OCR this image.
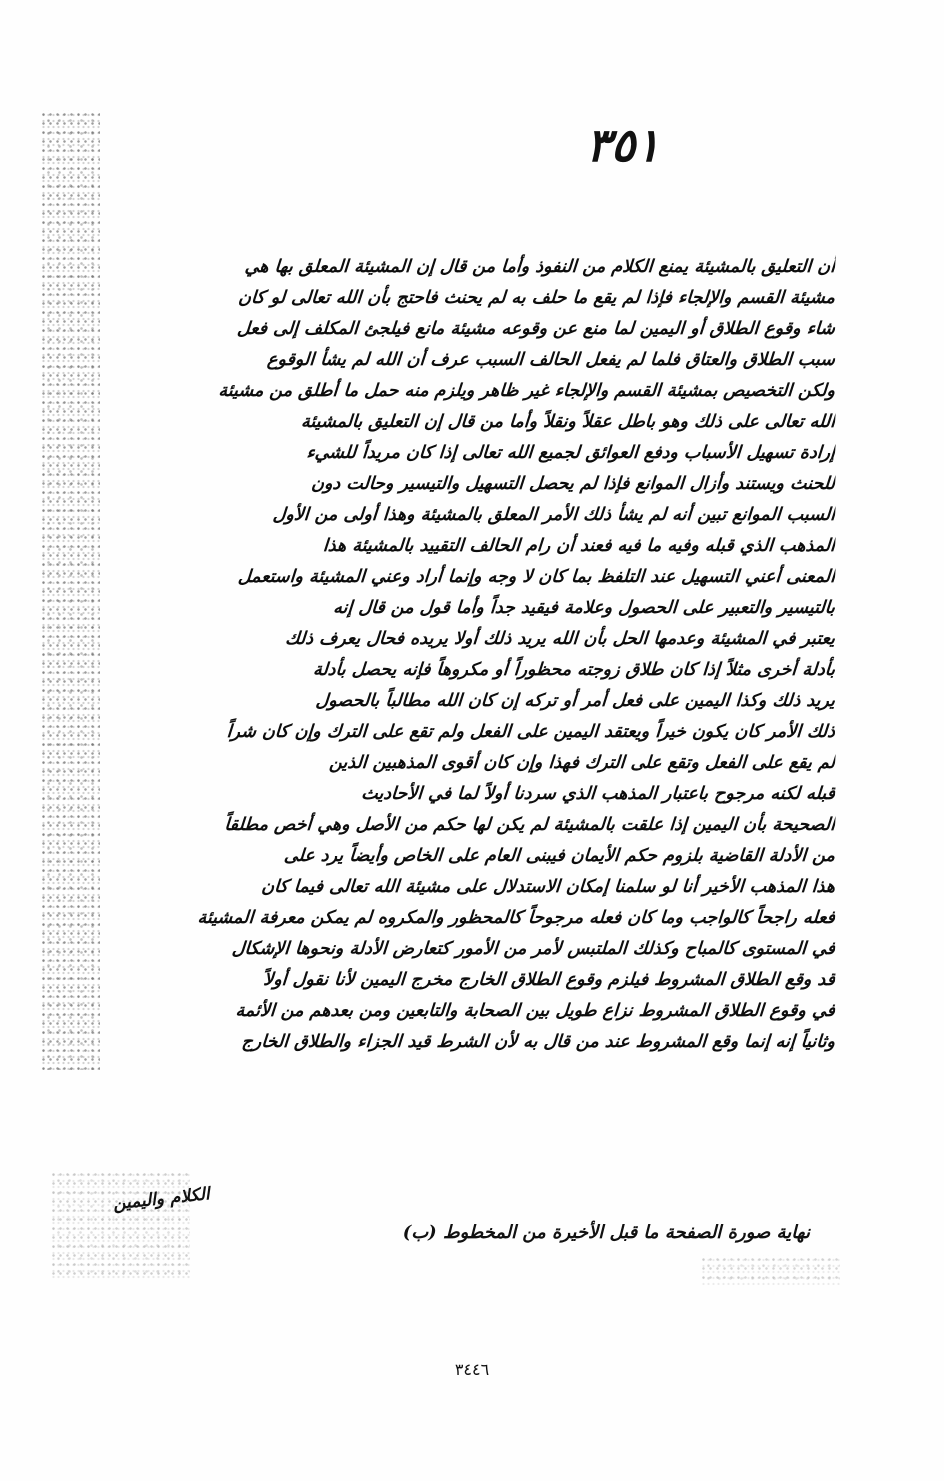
٣٥١
أن التعليق بالمشيئة يمنع الكلام من النفوذ وأما من قال إن المشيئة المعلق بها هي
مشيئة القسم والإلجاء فإذا لم يقع ما حلف به لم يحنث فاحتج بأن الله تعالى لو كان
شاء وقوع الطلاق أو اليمين لما منع عن وقوعه مشيئة مانع فيلجئ المكلف إلى فعل
سبب الطلاق والعتاق فلما لم يفعل الحالف السبب عرف أن الله لم يشأ الوقوع
ولكن التخصيص بمشيئة القسم والإلجاء غير ظاهر ويلزم منه حمل ما أطلق من مشيئة
الله تعالى على ذلك وهو باطل عقلاً ونقلاً وأما من قال إن التعليق بالمشيئة
إرادة تسهيل الأسباب ودفع العوائق لجميع الله تعالى إذا كان مريداً للشيء
للحنث ويستند وأزال الموانع فإذا لم يحصل التسهيل والتيسير وحالت دون
السبب الموانع تبين أنه لم يشأ ذلك الأمر المعلق بالمشيئة وهذا أولى من الأول
المذهب الذي قبله وفيه ما فيه فعند أن رام الحالف التقييد بالمشيئة هذا
المعنى أعني التسهيل عند التلفظ بما كان لا وجه وإنما أراد وعني المشيئة واستعمل
بالتيسير والتعبير على الحصول وعلامة فيقيد جداً وأما قول من قال إنه
يعتبر في المشيئة وعدمها الحل بأن الله يريد ذلك أولا يريده فحال يعرف ذلك
بأدلة أخرى مثلاً إذا كان طلاق زوجته محظوراً أو مكروهاً فإنه يحصل بأدلة
يريد ذلك وكذا اليمين على فعل أمر أو تركه إن كان الله مطالباً بالحصول
ذلك الأمر كان يكون خيراً ويعتقد اليمين على الفعل ولم تقع على الترك وإن كان شراً
لم يقع على الفعل وتقع على الترك فهذا وإن كان أقوى المذهبين الذين
قبله لكنه مرجوح باعتبار المذهب الذي سردنا أولاً لما في الأحاديث
الصحيحة بأن اليمين إذا علقت بالمشيئة لم يكن لها حكم من الأصل وهي أخص مطلقاً
من الأدلة القاضية بلزوم حكم الأيمان فيبنى العام على الخاص وأيضاً يرد على
هذا المذهب الأخير أنا لو سلمنا إمكان الاستدلال على مشيئة الله تعالى فيما كان
فعله راجحاً كالواجب وما كان فعله مرجوحاً كالمحظور والمكروه لم يمكن معرفة المشيئة
في المستوى كالمباح وكذلك الملتبس لأمر من الأمور كتعارض الأدلة ونحوها الإشكال
قد وقع الطلاق المشروط فيلزم وقوع الطلاق الخارج مخرج اليمين لأنا نقول أولاً
في وقوع الطلاق المشروط نزاع طويل بين الصحابة والتابعين ومن بعدهم من الأئمة
وثانياً إنه إنما وقع المشروط عند من قال به لأن الشرط قيد الجزاء والطلاق الخارج
الكلام واليمين
نهاية صورة الصفحة ما قبل الأخيرة من المخطوط (ب)
٣٤٤٦
